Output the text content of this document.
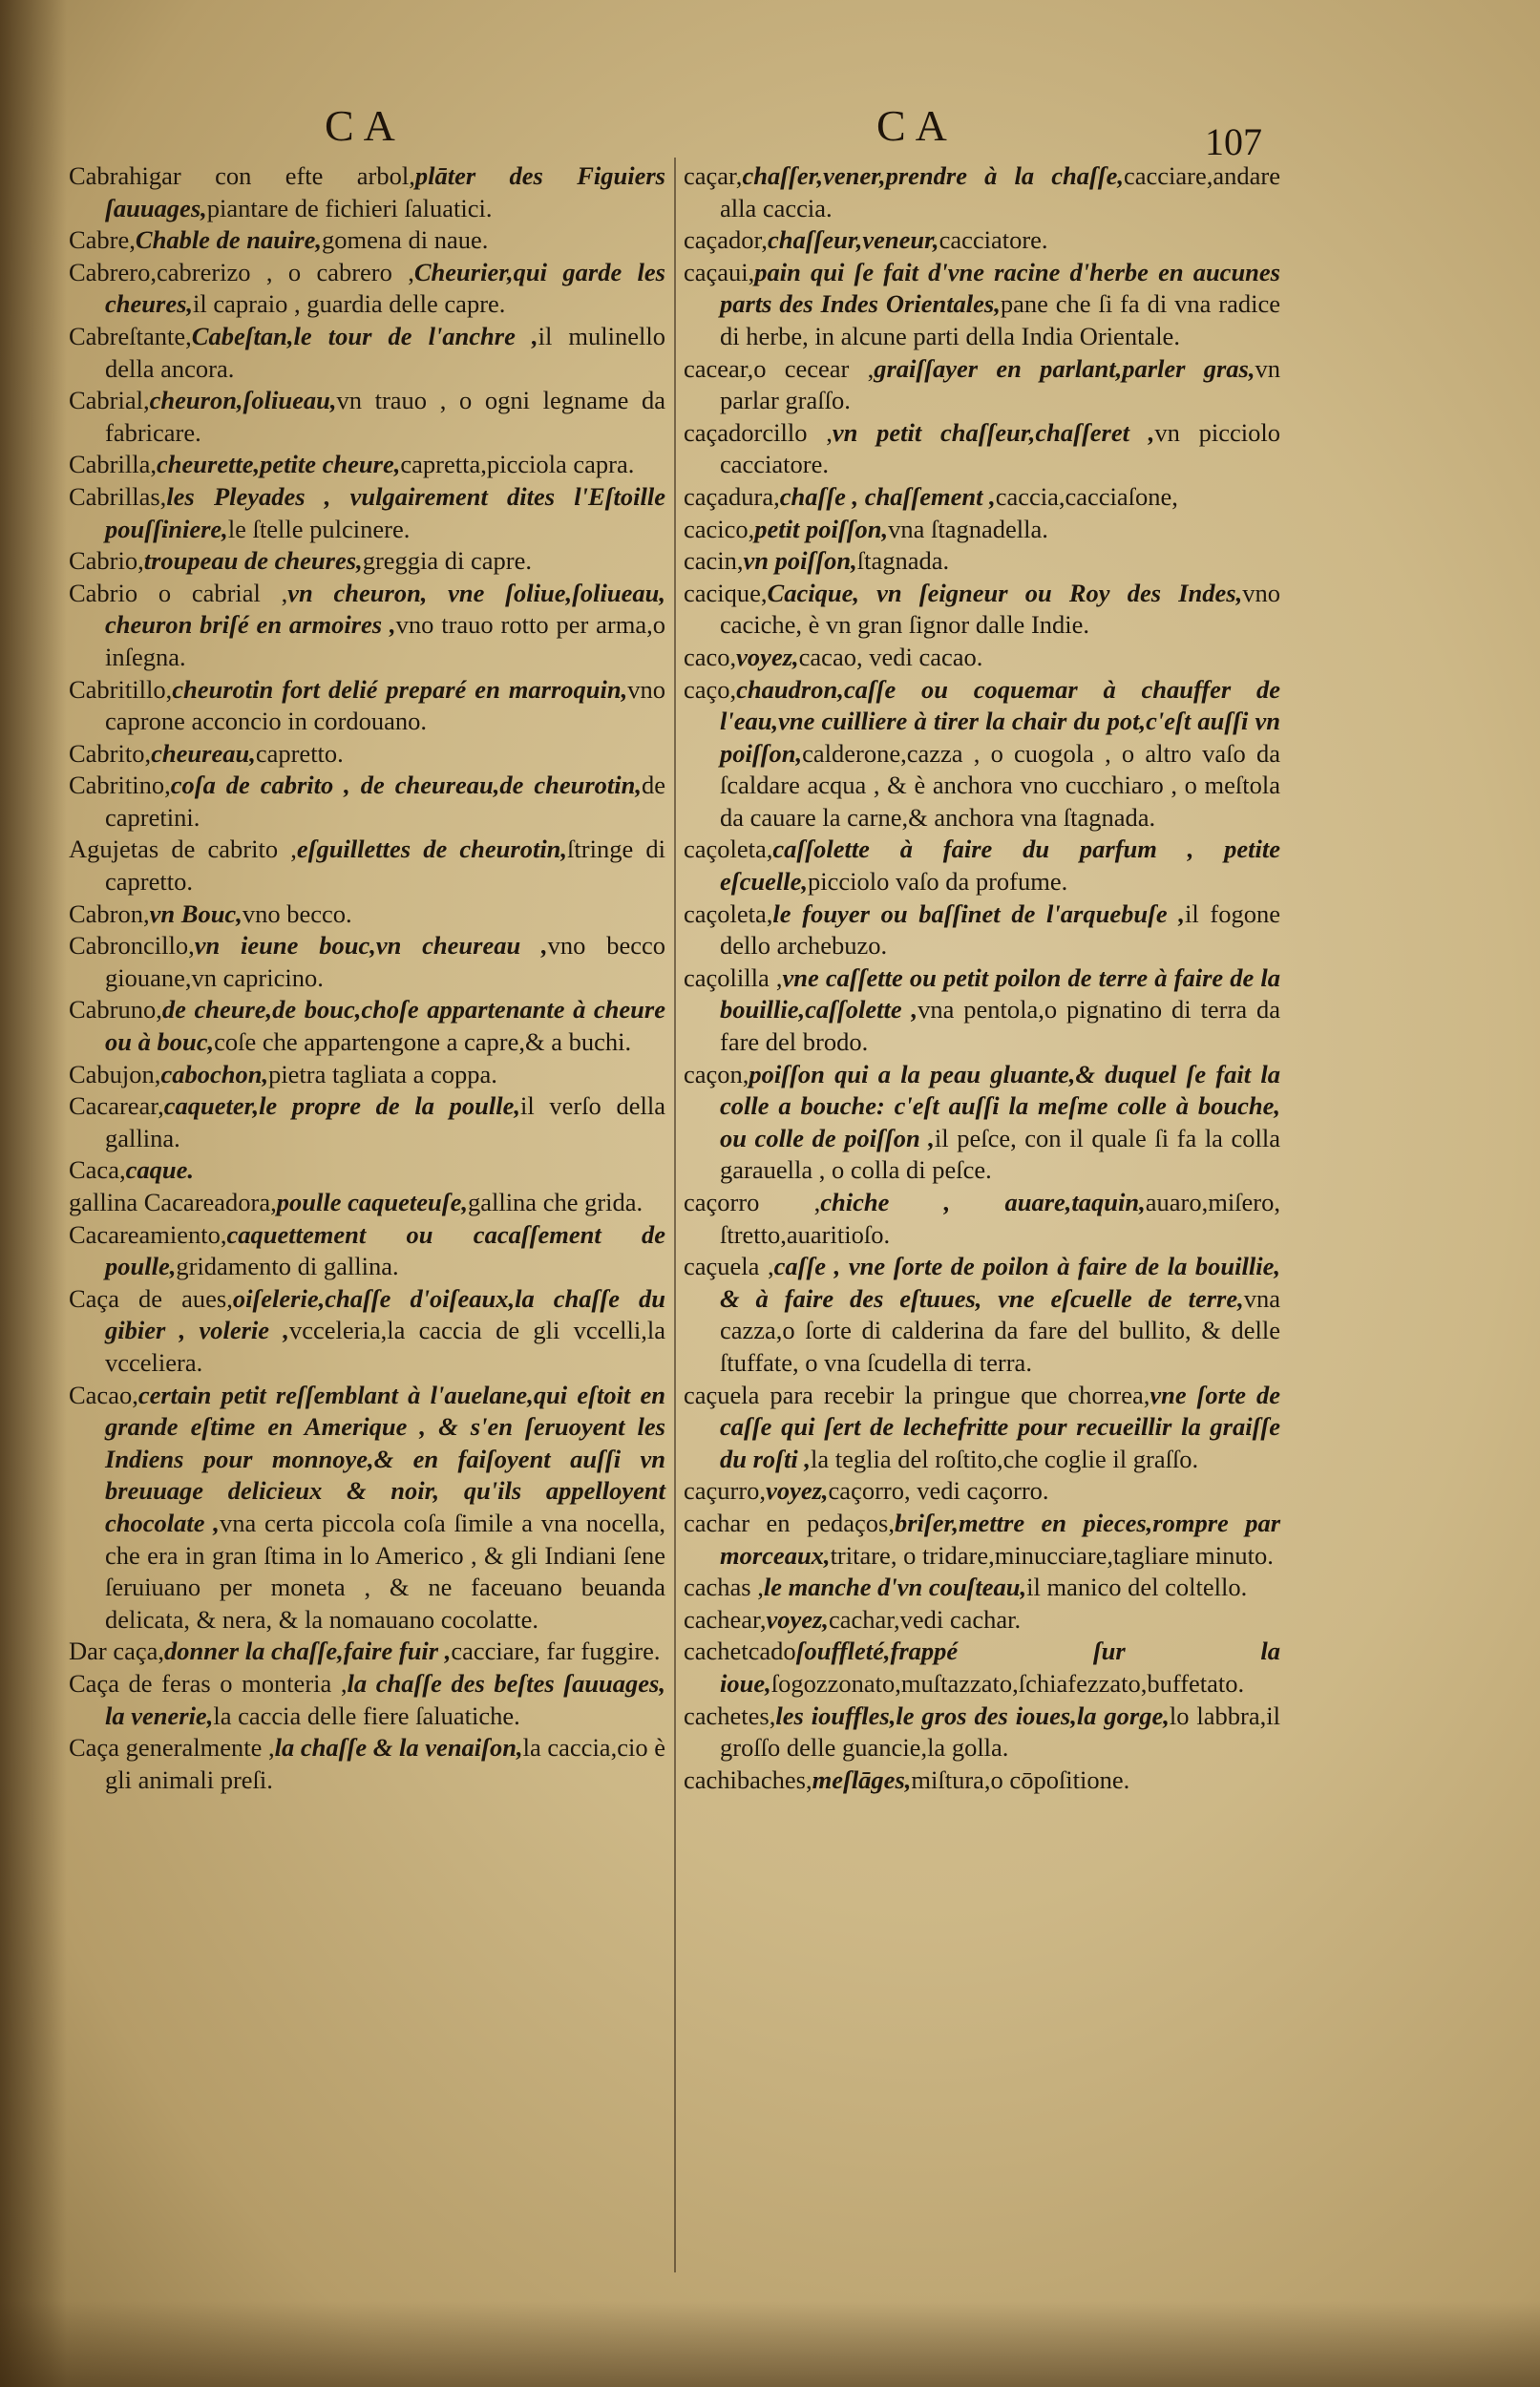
CA	CA	107
Cabrahigar con efte arbol,plāter des Figuiers ſauuages,piantare de fichieri ſaluatici.
Cabre,Chable de nauire,gomena di naue.
Cabrero,cabrerizo , o cabrero ,Cheurier,qui garde les cheures,il capraio , guardia delle capre.
Cabreſtante,Cabeſtan,le tour de l'anchre ,il mulinello della ancora.
Cabrial,cheuron,ſoliueau,vn trauo , o ogni legname da fabricare.
Cabrilla,cheurette,petite cheure,capretta,picciola capra.
Cabrillas,les Pleyades , vulgairement dites l'Eſtoille pouſſiniere,le ſtelle pulcinere.
Cabrio,troupeau de cheures,greggia di capre.
Cabrio o cabrial ,vn cheuron, vne ſoliue,ſoliueau, cheuron briſé en armoires ,vno trauo rotto per arma,o inſegna.
Cabritillo,cheurotin fort delié preparé en marroquin,vno caprone acconcio in cordouano.
Cabrito,cheureau,capretto.
Cabritino,coſa de cabrito , de cheureau,de cheurotin,de capretini.
Agujetas de cabrito ,eſguillettes de cheurotin,ſtringe di capretto.
Cabron,vn Bouc,vno becco.
Cabroncillo,vn ieune bouc,vn cheureau ,vno becco giouane,vn capricino.
Cabruno,de cheure,de bouc,choſe appartenante à cheure ou à bouc,coſe che appartengone a capre,& a buchi.
Cabujon,cabochon,pietra tagliata a coppa.
Cacarear,caqueter,le propre de la poulle,il verſo della gallina.
Caca,caque.
gallina Cacareadora,poulle caqueteuſe,gallina che grida.
Cacareamiento,caquettement ou cacaſſement de poulle,gridamento di gallina.
Caça de aues,oiſelerie,chaſſe d'oiſeaux,la chaſſe du gibier , volerie ,vcceleria,la caccia de gli vccelli,la vcceliera.
Cacao,certain petit reſſemblant à l'auelane,qui eſtoit en grande eſtime en Amerique , & s'en ſeruoyent les Indiens pour monnoye,& en faiſoyent auſſi vn breuuage delicieux & noir, qu'ils appelloyent chocolate ,vna certa piccola coſa ſimile a vna nocella, che era in gran ſtima in lo Americo , & gli Indiani ſene ſeruiuano per moneta , & ne faceuano beuanda delicata, & nera, & la nomauano cocolatte.
Dar caça,donner la chaſſe,faire fuir ,cacciare, far fuggire.
Caça de feras o monteria ,la chaſſe des beſtes ſauuages, la venerie,la caccia delle fiere ſaluatiche.
Caça generalmente ,la chaſſe & la venaiſon,la caccia,cio è gli animali preſi.
caçar,chaſſer,vener,prendre à la chaſſe,cacciare,andare alla caccia.
caçador,chaſſeur,veneur,cacciatore.
caçaui,pain qui ſe fait d'vne racine d'herbe en aucunes parts des Indes Orientales,pane che ſi fa di vna radice di herbe, in alcune parti della India Orientale.
cacear,o cecear ,graiſſayer en parlant,parler gras,vn parlar graſſo.
caçadorcillo ,vn petit chaſſeur,chaſſeret ,vn picciolo cacciatore.
caçadura,chaſſe , chaſſement ,caccia,cacciaſone,
cacico,petit poiſſon,vna ſtagnadella.
cacin,vn poiſſon,ſtagnada.
cacique,Cacique, vn ſeigneur ou Roy des Indes,vno caciche, è vn gran ſignor dalle Indie.
caco,voyez,cacao, vedi cacao.
caço,chaudron,caſſe ou coquemar à chauffer de l'eau,vne cuilliere à tirer la chair du pot,c'eſt auſſi vn poiſſon,calderone,cazza , o cuogola , o altro vaſo da ſcaldare acqua , & è anchora vno cucchiaro , o meſtola da cauare la carne,& anchora vna ſtagnada.
caçoleta,caſſolette à faire du parfum , petite eſcuelle,picciolo vaſo da profume.
caçoleta,le fouyer ou baſſinet de l'arquebuſe ,il fogone dello archebuzo.
caçolilla ,vne caſſette ou petit poilon de terre à faire de la bouillie,caſſolette ,vna pentola,o pignatino di terra da fare del brodo.
caçon,poiſſon qui a la peau gluante,& duquel ſe fait la colle a bouche: c'eſt auſſi la meſme colle à bouche, ou colle de poiſſon ,il peſce, con il quale ſi fa la colla garauella , o colla di peſce.
caçorro ,chiche , auare,taquin,auaro,miſero, ſtretto,auaritioſo.
caçuela ,caſſe , vne ſorte de poilon à faire de la bouillie, & à faire des eſtuues, vne eſcuelle de terre,vna cazza,o ſorte di calderina da fare del bullito, & delle ſtuffate, o vna ſcudella di terra.
caçuela para recebir la pringue que chorrea,vne ſorte de caſſe qui ſert de lechefritte pour recueillir la graiſſe du roſti ,la teglia del roſtito,che coglie il graſſo.
caçurro,voyez,caçorro, vedi caçorro.
cachar en pedaços,briſer,mettre en pieces,rompre par morceaux,tritare, o tridare,minucciare,tagliare minuto.
cachas ,le manche d'vn couſteau,il manico del coltello.
cachear,voyez,cachar,vedi cachar.
cachetcadoſouffleté,frappé ſur la ioue,ſogozzonato,muſtazzato,ſchiafezzato,buffetato.
cachetes,les iouffles,le gros des ioues,la gorge,lo labbra,il groſſo delle guancie,la golla.
cachibaches,meſlāges,miſtura,o cōpoſitione.
